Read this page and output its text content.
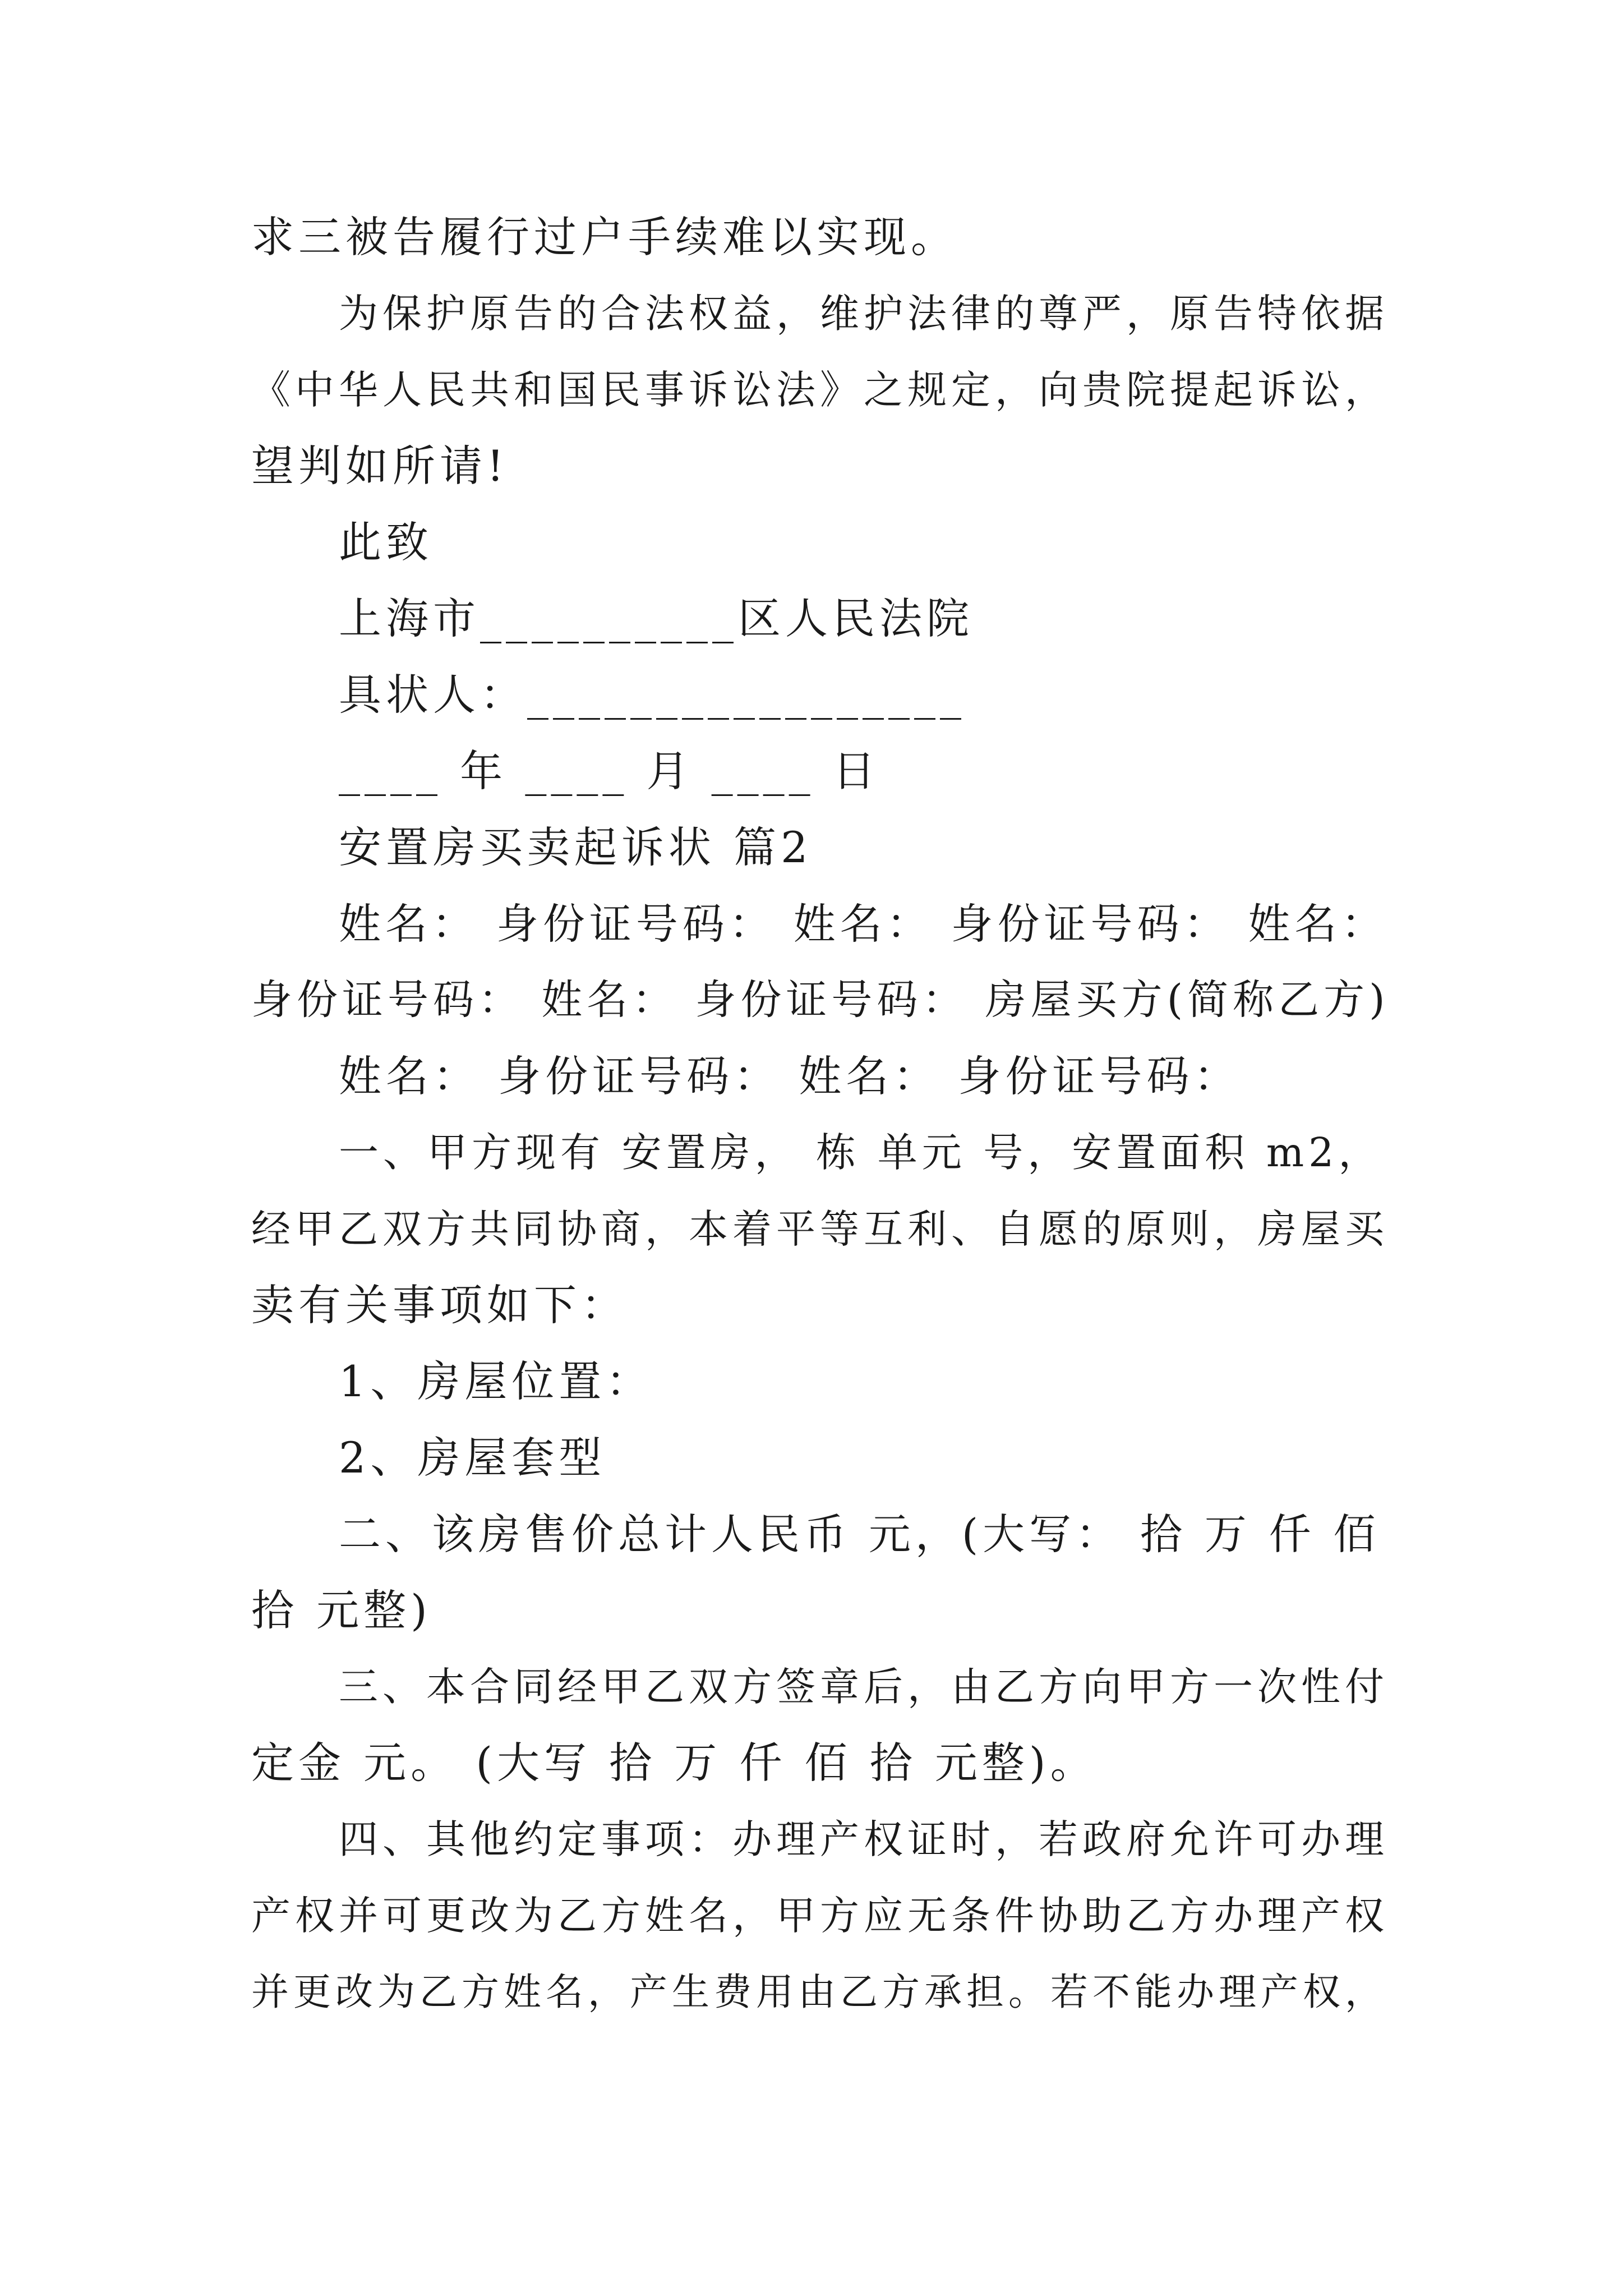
求三被告履行过户手续难以实现。
为保护原告的合法权益，维护法律的尊严，原告特依据
《中华人民共和国民事诉讼法》之规定，向贵院提起诉讼，
望判如所请!
此致
上海市__________区人民法院
具状人：_________________
____ 年 ____ 月 ____ 日
安置房买卖起诉状 篇2
姓名： 身份证号码： 姓名： 身份证号码： 姓名：
身份证号码： 姓名： 身份证号码： 房屋买方(简称乙方)
姓名： 身份证号码： 姓名： 身份证号码：
一、甲方现有 安置房， 栋 单元 号，安置面积 m2，
经甲乙双方共同协商，本着平等互利、自愿的原则，房屋买
卖有关事项如下：
1、房屋位置：
2、房屋套型
二、该房售价总计人民币 元，(大写： 拾 万 仟 佰
拾 元整)
三、本合同经甲乙双方签章后，由乙方向甲方一次性付
定金 元。 (大写 拾 万 仟 佰 拾 元整)。
四、其他约定事项：办理产权证时，若政府允许可办理
产权并可更改为乙方姓名，甲方应无条件协助乙方办理产权
并更改为乙方姓名，产生费用由乙方承担。若不能办理产权，
